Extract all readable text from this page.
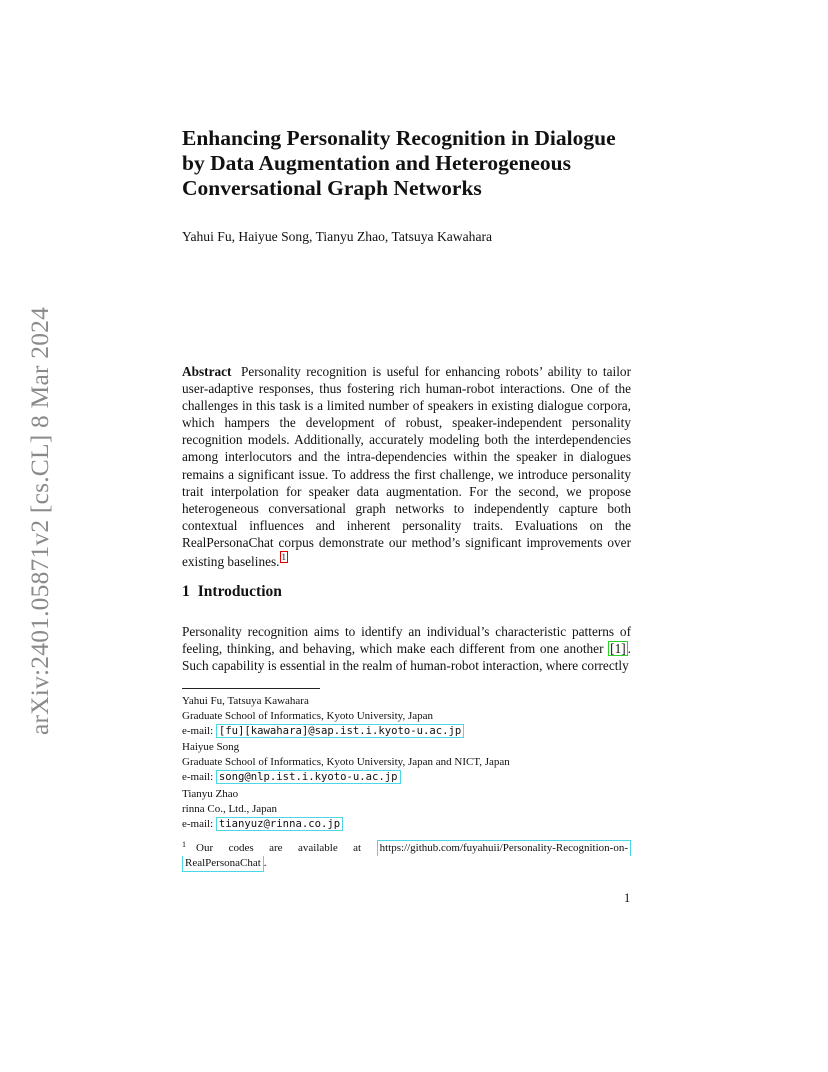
arXiv:2401.05871v2 [cs.CL] 8 Mar 2024
Enhancing Personality Recognition in Dialogue
by Data Augmentation and Heterogeneous
Conversational Graph Networks
Yahui Fu, Haiyue Song, Tianyu Zhao, Tatsuya Kawahara
Abstract Personality recognition is useful for enhancing robots’ ability to tailor user-adaptive responses, thus fostering rich human-robot interactions. One of the challenges in this task is a limited number of speakers in existing dialogue corpora, which hampers the development of robust, speaker-independent personality recognition models. Additionally, accurately modeling both the interdependencies among interlocutors and the intra-dependencies within the speaker in dialogues remains a significant issue. To address the first challenge, we introduce personality trait interpolation for speaker data augmentation. For the second, we propose heterogeneous conversational graph networks to independently capture both contextual influences and inherent personality traits. Evaluations on the RealPersonaChat corpus demonstrate our method’s significant improvements over existing baselines. 1
1 Introduction
Personality recognition aims to identify an individual’s characteristic patterns of feeling, thinking, and behaving, which make each different from one another [1] . Such capability is essential in the realm of human-robot interaction, where correctly
Yahui Fu, Tatsuya Kawahara
Graduate School of Informatics, Kyoto University, Japan
e-mail: [fu][kawahara]@sap.ist.i.kyoto-u.ac.jp
Haiyue Song
Graduate School of Informatics, Kyoto University, Japan and NICT, Japan
e-mail: song@nlp.ist.i.kyoto-u.ac.jp
Tianyu Zhao
rinna Co., Ltd., Japan
e-mail: tianyuz@rinna.co.jp
$^1$ Our codes are available at https://github.com/fuyahuii/Personality-Recognition-on-
RealPersonaChat .
1
